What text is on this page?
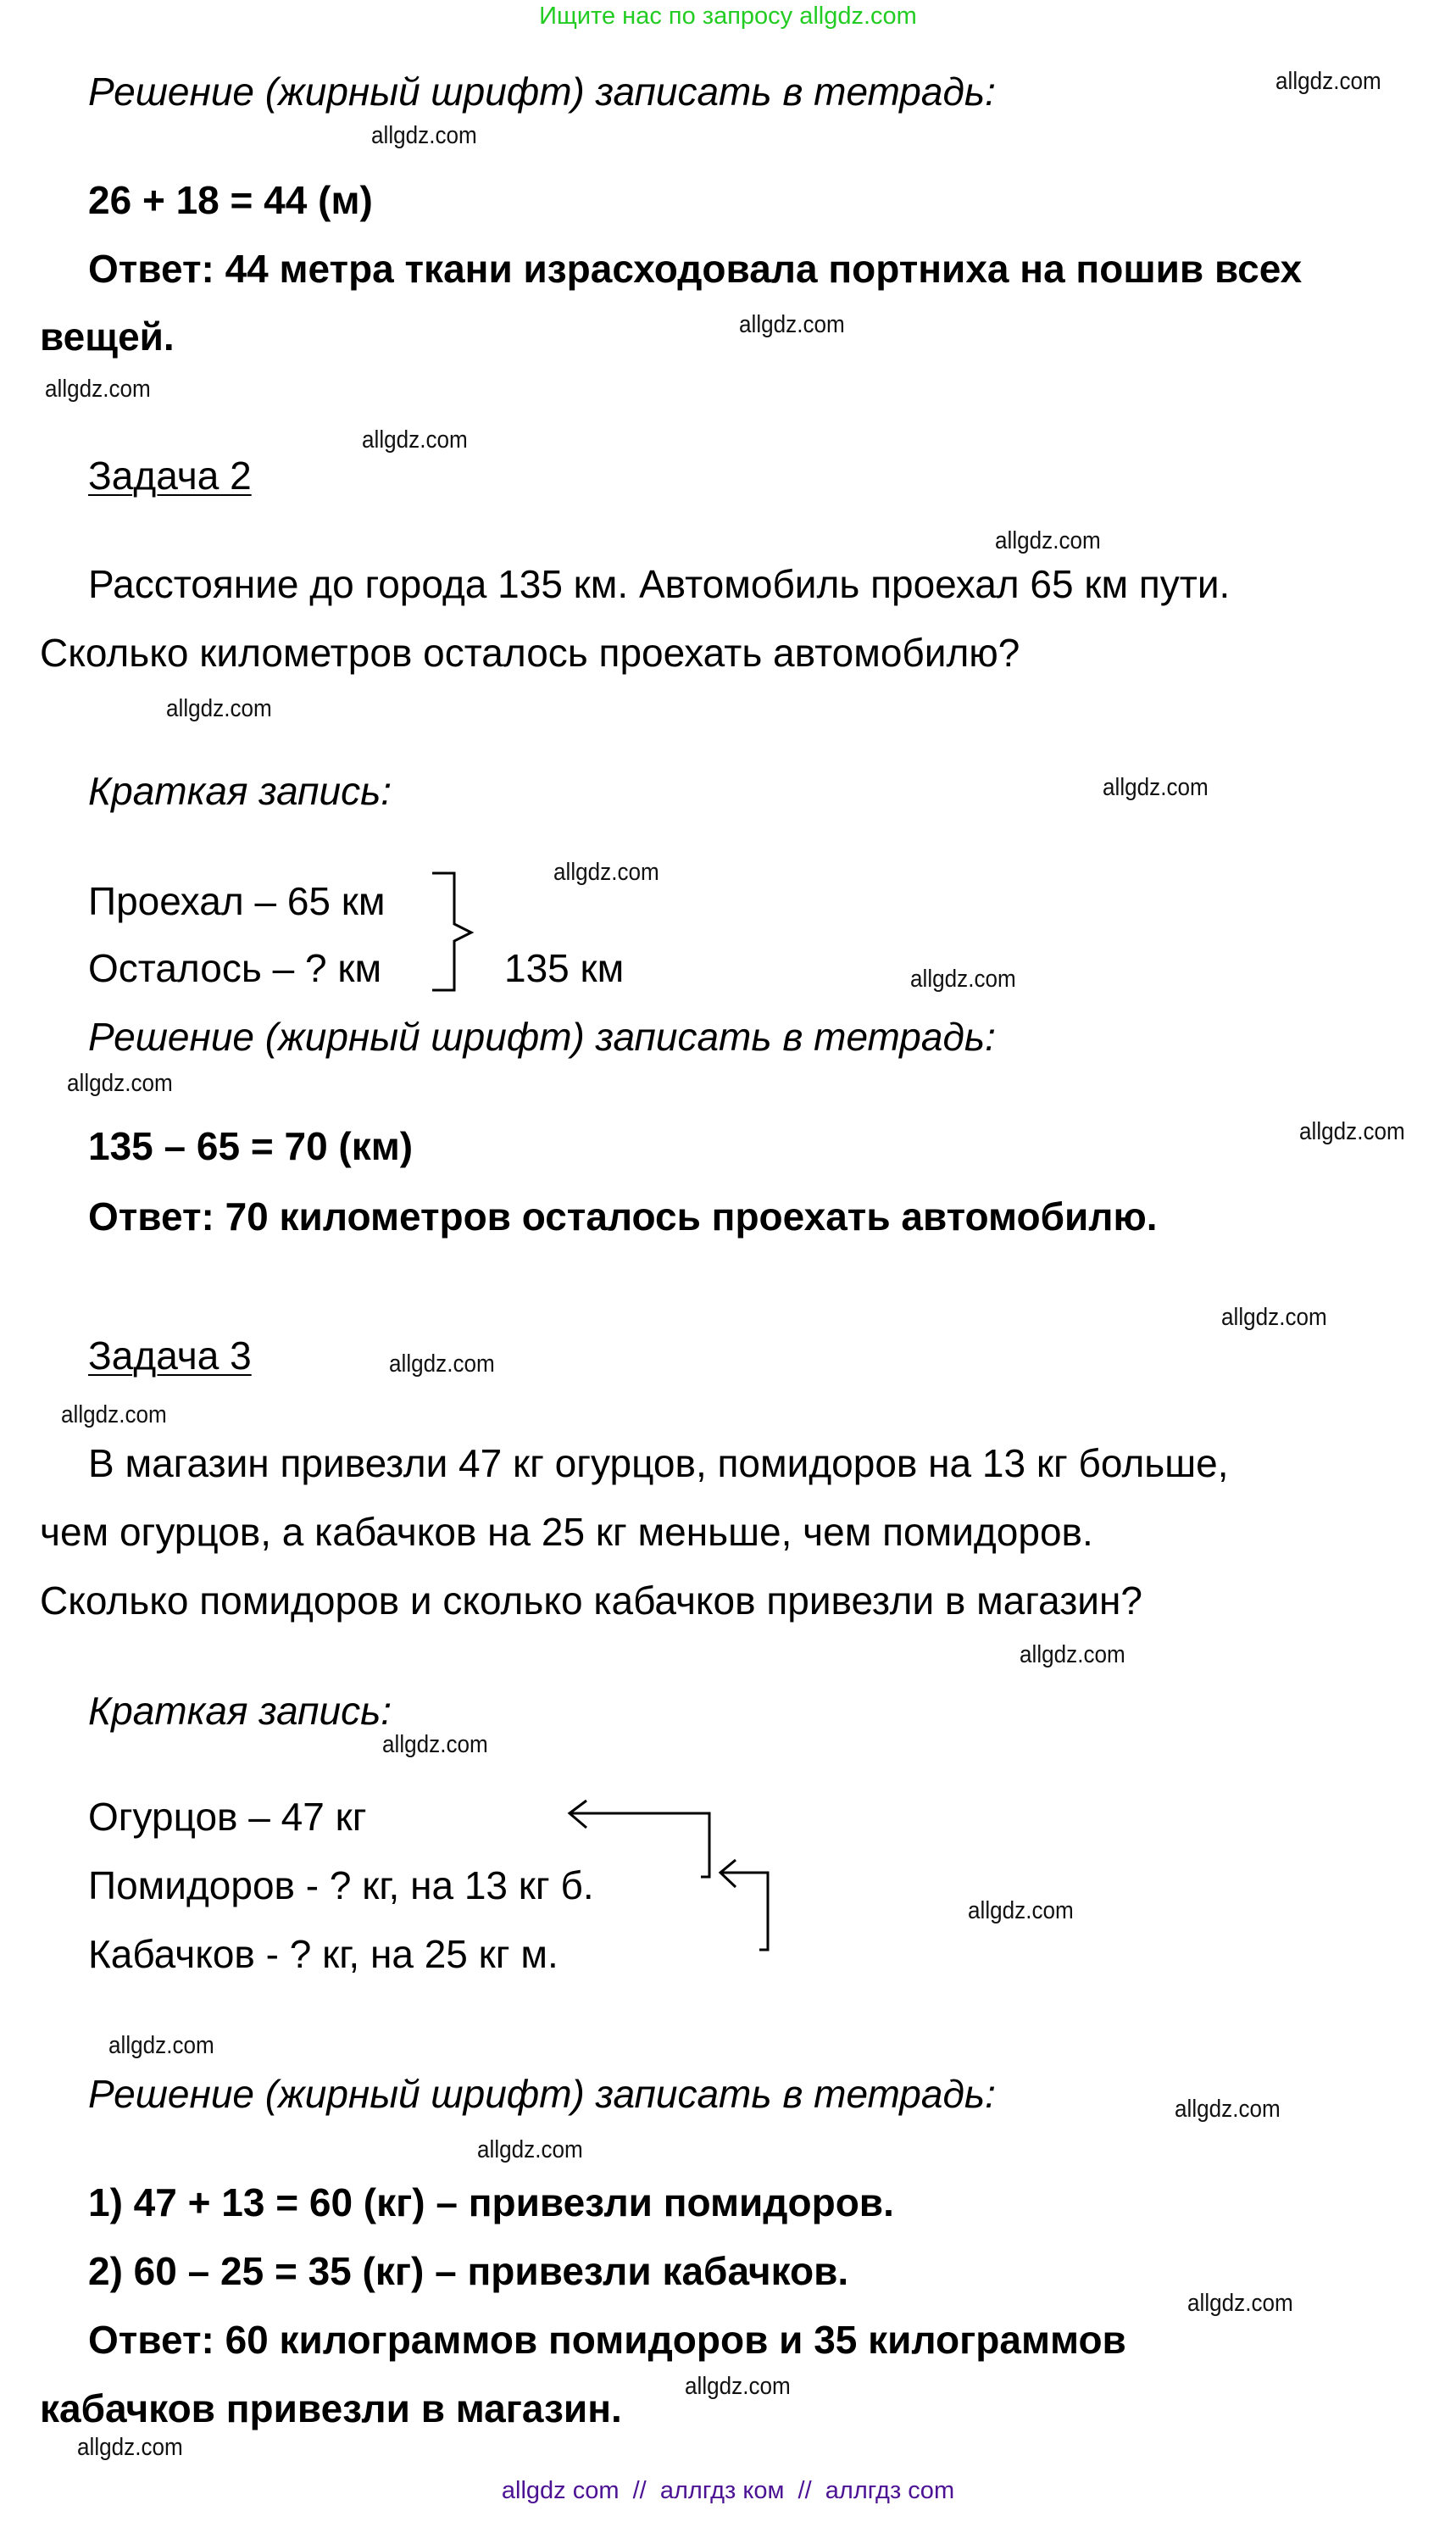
Ищите нас по запросу allgdz.com
Решение (жирный шрифт) записать в тетрадь:
26 + 18 = 44 (м)
Ответ: 44 метра ткани израсходовала портниха на пошив всех
вещей.
Задача 2
Расстояние до города 135 км. Автомобиль проехал 65 км пути.
Сколько километров осталось проехать автомобилю?
Краткая запись:
Проехал – 65 км
Осталось – ? км	135 км
Решение (жирный шрифт) записать в тетрадь:
135 – 65 = 70 (км)
Ответ: 70 километров осталось проехать автомобилю.
Задача 3
В магазин привезли 47 кг огурцов, помидоров на 13 кг больше,
чем огурцов, а кабачков на 25 кг меньше, чем помидоров.
Сколько помидоров и сколько кабачков привезли в магазин?
Краткая запись:
Огурцов – 47 кг
Помидоров - ? кг, на 13 кг б.
Кабачков - ? кг, на 25 кг м.
Решение (жирный шрифт) записать в тетрадь:
1) 47 + 13 = 60 (кг) – привезли помидоров.
2) 60 – 25 = 35 (кг) – привезли кабачков.
Ответ: 60 килограммов помидоров и 35 килограммов
кабачков привезли в магазин.
allgdz.com
allgdz.com
allgdz.com
allgdz.com
allgdz.com
allgdz.com
allgdz.com
allgdz.com
allgdz.com
allgdz.com
allgdz.com
allgdz.com
allgdz.com
allgdz.com
allgdz.com
allgdz.com
allgdz.com
allgdz.com
allgdz.com
allgdz.com
allgdz.com
allgdz.com
allgdz.com
allgdz.com
allgdz com  //  аллгдз ком  //  аллгдз com
